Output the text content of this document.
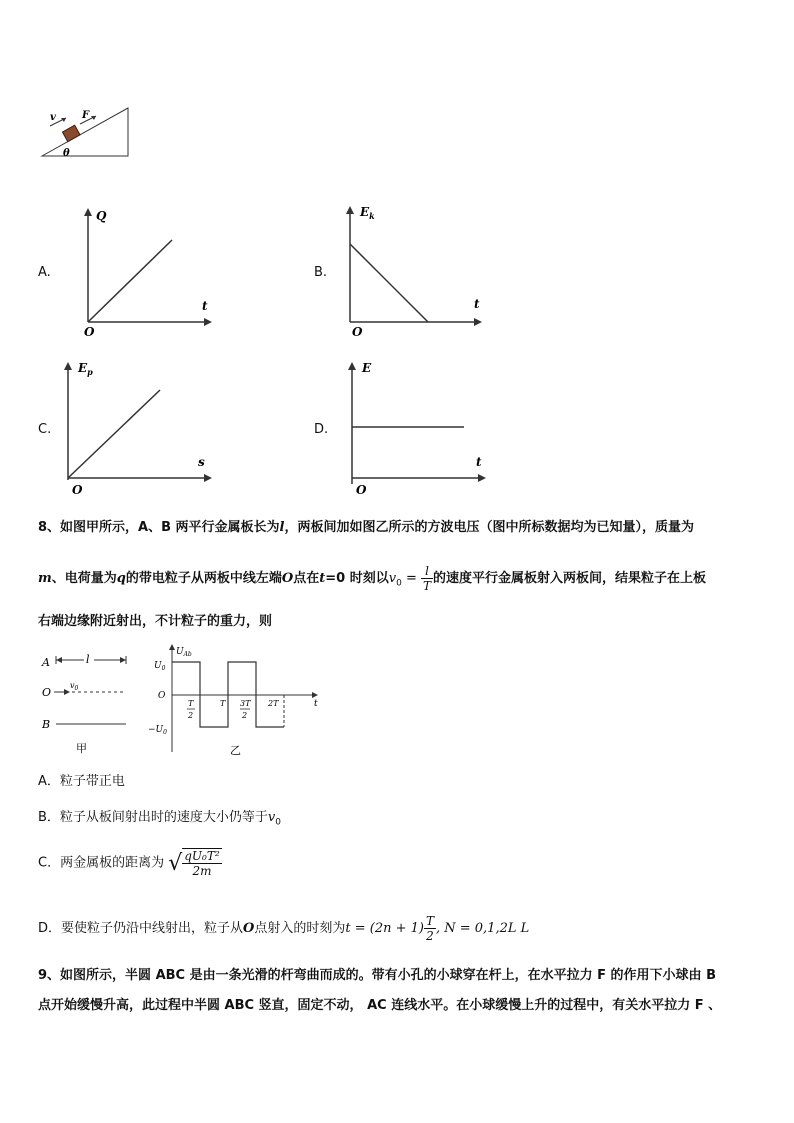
v	F
θ
A.
Q
t
O
B.
$E_k$
t
O
C.
$E_p$
s
O
D.
E
t
O
8、如图甲所示，A、B 两平行金属板长为l，两板间加如图乙所示的方波电压（图中所标数据均为已知量），质量为
m、电荷量为q的带电粒子从两板中线左端O点在t=0 时刻以$v_0 = \frac{l}{T}$ 的速度平行金属板射入两板间，结果粒子在上板
右端边缘附近射出，不计粒子的重力，则
A	l
O
$v_0$
B
甲
$U_{Ab}$
$U_0$
O
$-U_0$
t
T
2
T 3T
2
2T
乙
A．粒子带正电
B．粒子从板间射出时的速度大小仍等于$v_0$
C．两金属板的距离为 √ $\frac{\text{qU₀T²}}{2m}$
D．要使粒子仍沿中线射出，粒子从O点射入的时刻为$t = (2n + 1) \frac{T}{2}$ , N = 0,1,2L L
9、如图所示，半圆 ABC 是由一条光滑的杆弯曲而成的。带有小孔的小球穿在杆上，在水平拉力 F 的作用下小球由 B
点开始缓慢升高，此过程中半圆 ABC 竖直，固定不动， AC 连线水平。在小球缓慢上升的过程中，有关水平拉力 F 、
